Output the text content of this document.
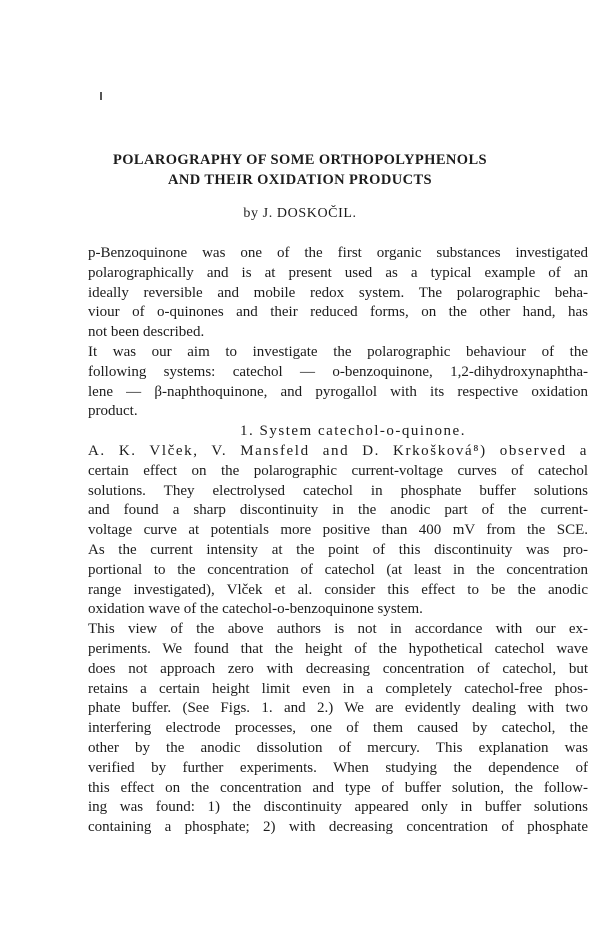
POLAROGRAPHY OF SOME ORTHOPOLYPHENOLS
AND THEIR OXIDATION PRODUCTS

by J. DOSKOČIL.

p-Benzoquinone was one of the first organic substances investigated
polarographically and is at present used as a typical example of an
ideally reversible and mobile redox system. The polarographic beha-
viour of o-quinones and their reduced forms, on the other hand, has
not been described.
It was our aim to investigate the polarographic behaviour of the
following systems: catechol — o-benzoquinone, 1,2-dihydroxynaphtha-
lene — β-naphthoquinone, and pyrogallol with its respective oxidation
product.
1. System catechol-o-quinone.
A. K. Vlček, V. Mansfeld and D. Krkošková⁸) observed a
certain effect on the polarographic current-voltage curves of catechol
solutions. They electrolysed catechol in phosphate buffer solutions
and found a sharp discontinuity in the anodic part of the current-
voltage curve at potentials more positive than 400 mV from the SCE.
As the current intensity at the point of this discontinuity was pro-
portional to the concentration of catechol (at least in the concentration
range investigated), Vlček et al. consider this effect to be the anodic
oxidation wave of the catechol-o-benzoquinone system.
This view of the above authors is not in accordance with our ex-
periments. We found that the height of the hypothetical catechol wave
does not approach zero with decreasing concentration of catechol, but
retains a certain height limit even in a completely catechol-free phos-
phate buffer. (See Figs. 1. and 2.) We are evidently dealing with two
interfering electrode processes, one of them caused by catechol, the
other by the anodic dissolution of mercury. This explanation was
verified by further experiments. When studying the dependence of
this effect on the concentration and type of buffer solution, the follow-
ing was found: 1) the discontinuity appeared only in buffer solutions
containing a phosphate; 2) with decreasing concentration of phosphate
